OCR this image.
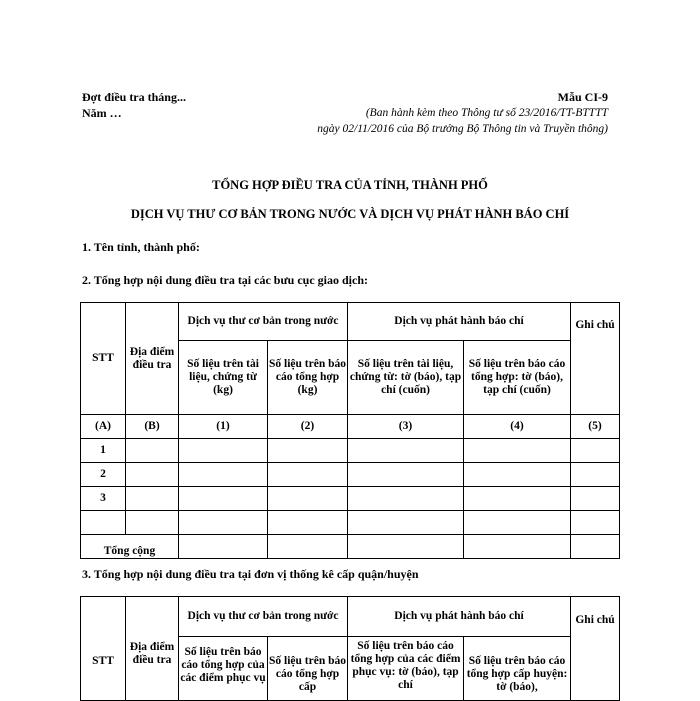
Đợt điều tra tháng...
Năm …
Mẫu CI-9
(Ban hành kèm theo Thông tư số 23/2016/TT-BTTTT
ngày 02/11/2016 của Bộ trưởng Bộ Thông tin và Truyền thông)
TỔNG HỢP ĐIỀU TRA CỦA TỈNH, THÀNH PHỐ
DỊCH VỤ THƯ CƠ BẢN TRONG NƯỚC VÀ DỊCH VỤ PHÁT HÀNH BÁO CHÍ
1. Tên tỉnh, thành phố:
2. Tổng hợp nội dung điều tra tại các bưu cục giao dịch:
STT	Địa điểm điều tra	Dịch vụ thư cơ bản trong nước		Dịch vụ phát hành báo chí		Ghi chú
		Số liệu trên tài liệu, chứng từ (kg)	Số liệu trên báo cáo tổng hợp (kg)	Số liệu trên tài liệu, chứng từ: tờ (báo), tạp chí (cuốn)	Số liệu trên báo cáo tổng hợp: tờ (báo), tạp chí (cuốn)	
(A)	(B)	(1)	(2)	(3)	(4)	(5)
1						
2						
3						

Tổng cộng						
3. Tổng hợp nội dung điều tra tại đơn vị thống kê cấp quận/huyện
STT	Địa điểm điều tra	Dịch vụ thư cơ bản trong nước		Dịch vụ phát hành báo chí		Ghi chú
		Số liệu trên báo cáo tổng hợp của các điểm phục vụ	Số liệu trên báo cáo tổng hợp cấp	Số liệu trên báo cáo tổng hợp của các điểm phục vụ: tờ (báo), tạp chí	Số liệu trên báo cáo tổng hợp cấp huyện: tờ (báo),	
